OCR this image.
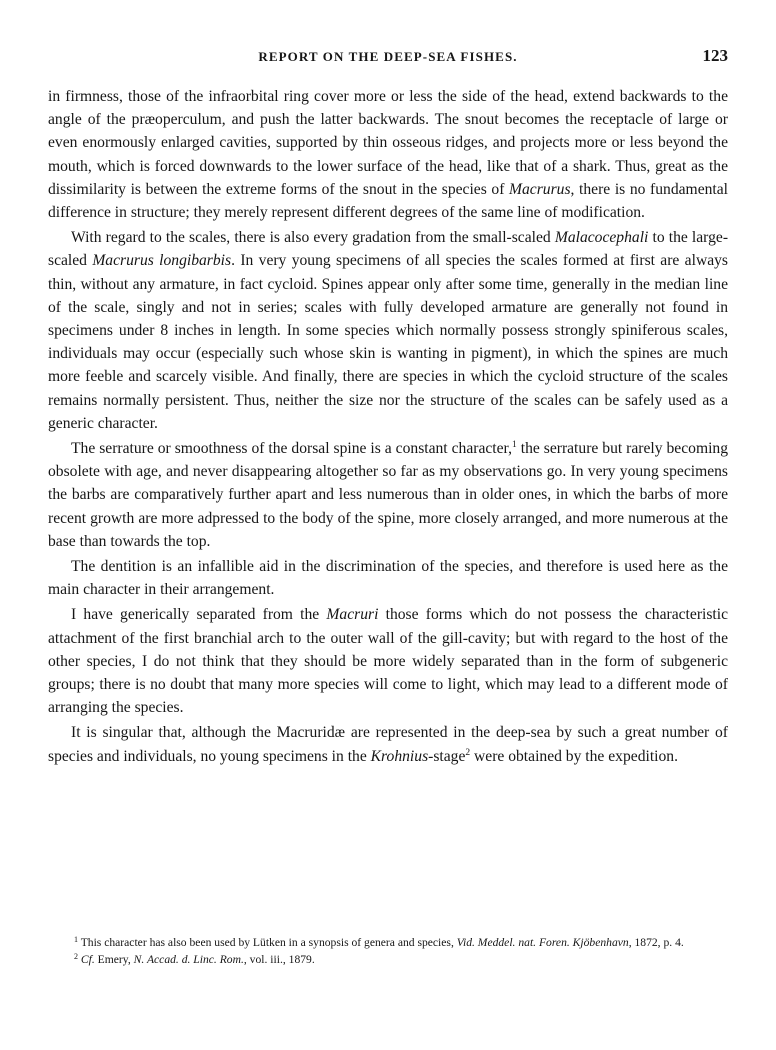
REPORT ON THE DEEP-SEA FISHES.	123

in firmness, those of the infraorbital ring cover more or less the side of the head, extend backwards to the angle of the præoperculum, and push the latter backwards. The snout becomes the receptacle of large or even enormously enlarged cavities, supported by thin osseous ridges, and projects more or less beyond the mouth, which is forced downwards to the lower surface of the head, like that of a shark. Thus, great as the dissimilarity is between the extreme forms of the snout in the species of Macrurus, there is no fundamental difference in structure; they merely represent different degrees of the same line of modification.

With regard to the scales, there is also every gradation from the small-scaled Malacocephali to the large-scaled Macrurus longibarbis. In very young specimens of all species the scales formed at first are always thin, without any armature, in fact cycloid. Spines appear only after some time, generally in the median line of the scale, singly and not in series; scales with fully developed armature are generally not found in specimens under 8 inches in length. In some species which normally possess strongly spiniferous scales, individuals may occur (especially such whose skin is wanting in pigment), in which the spines are much more feeble and scarcely visible. And finally, there are species in which the cycloid structure of the scales remains normally persistent. Thus, neither the size nor the structure of the scales can be safely used as a generic character.

The serrature or smoothness of the dorsal spine is a constant character,$^1$ the serrature but rarely becoming obsolete with age, and never disappearing altogether so far as my observations go. In very young specimens the barbs are comparatively further apart and less numerous than in older ones, in which the barbs of more recent growth are more adpressed to the body of the spine, more closely arranged, and more numerous at the base than towards the top.

The dentition is an infallible aid in the discrimination of the species, and therefore is used here as the main character in their arrangement.

I have generically separated from the Macruri those forms which do not possess the characteristic attachment of the first branchial arch to the outer wall of the gill-cavity; but with regard to the host of the other species, I do not think that they should be more widely separated than in the form of subgeneric groups; there is no doubt that many more species will come to light, which may lead to a different mode of arranging the species.

It is singular that, although the Macruridæ are represented in the deep-sea by such a great number of species and individuals, no young specimens in the Krohnius-stage$^2$ were obtained by the expedition.

$^1$ This character has also been used by Lütken in a synopsis of genera and species, Vid. Meddel. nat. Foren. Kjöbenhavn, 1872, p. 4.

$^2$ Cf. Emery, N. Accad. d. Linc. Rom., vol. iii., 1879.
